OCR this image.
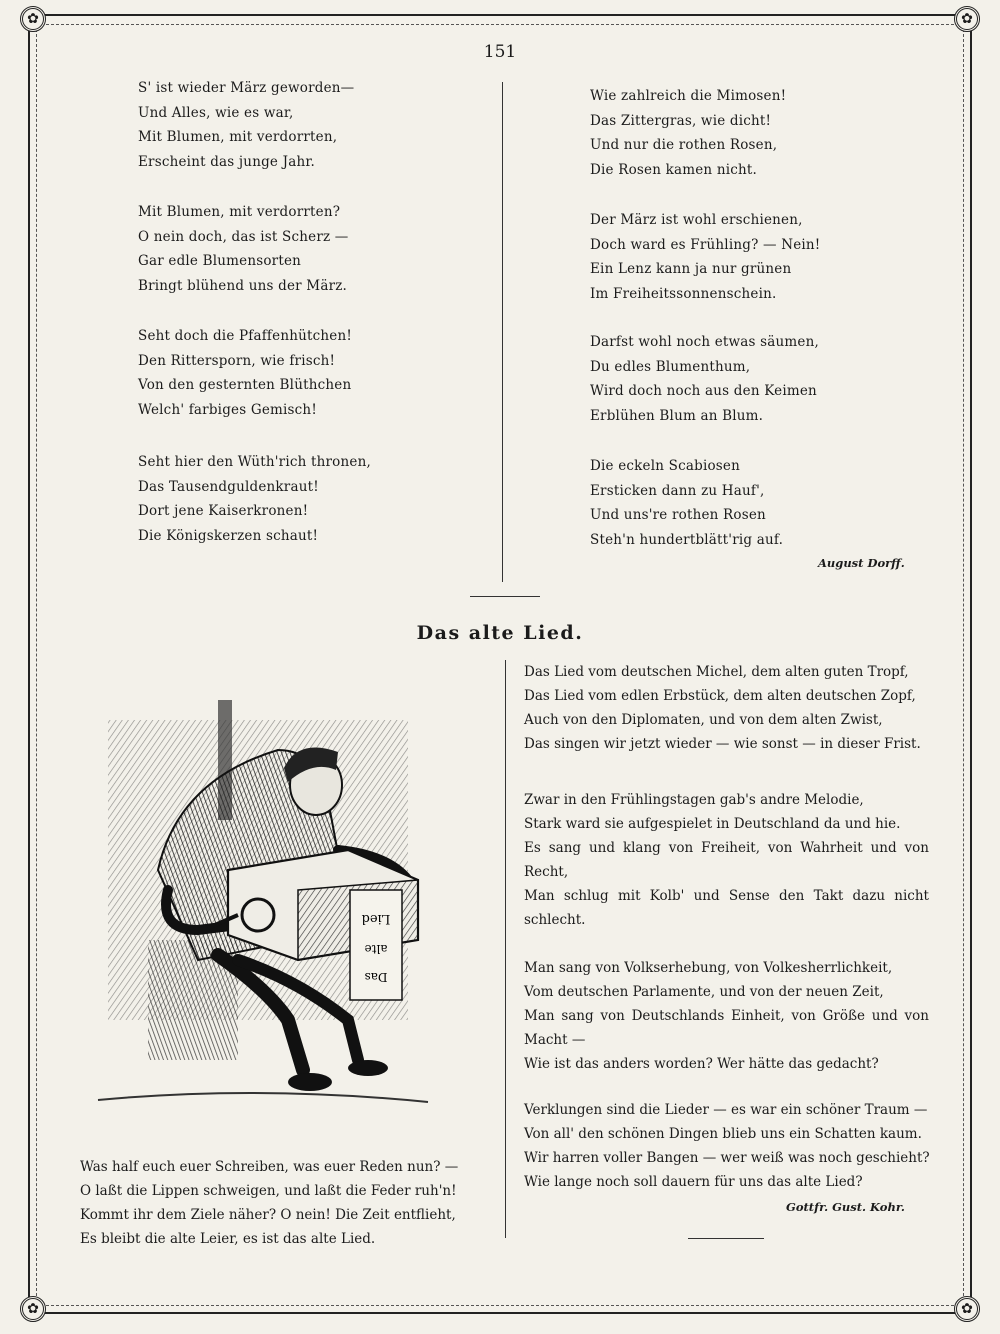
✿	✿
✿	✿
151
S' ist wieder März geworden—
Und Alles, wie es war,
Mit Blumen, mit verdorrten,
Erscheint das junge Jahr.
Mit Blumen, mit verdorrten?
O nein doch, das ist Scherz —
Gar edle Blumensorten
Bringt blühend uns der März.
Seht doch die Pfaffenhütchen!
Den Rittersporn, wie frisch!
Von den gesternten Blüthchen
Welch' farbiges Gemisch!
Seht hier den Wüth'rich thronen,
Das Tausendguldenkraut!
Dort jene Kaiserkronen!
Die Königskerzen schaut!
Wie zahlreich die Mimosen!
Das Zittergras, wie dicht!
Und nur die rothen Rosen,
Die Rosen kamen nicht.
Der März ist wohl erschienen,
Doch ward es Frühling? — Nein!
Ein Lenz kann ja nur grünen
Im Freiheitssonnenschein.
Darfst wohl noch etwas säumen,
Du edles Blumenthum,
Wird doch noch aus den Keimen
Erblühen Blum an Blum.
Die eckeln Scabiosen
Ersticken dann zu Hauf',
Und uns're rothen Rosen
Steh'n hundertblätt'rig auf.
August Dorff.
Das alte Lied.
Das Lied vom deutschen Michel, dem alten guten Tropf,
Das Lied vom edlen Erbstück, dem alten deutschen Zopf,
Auch von den Diplomaten, und von dem alten Zwist,
Das singen wir jetzt wieder — wie sonst — in dieser Frist.
Zwar in den Frühlingstagen gab's andre Melodie,
Stark ward sie aufgespielet in Deutschland da und hie.
Es sang und klang von Freiheit, von Wahrheit und von Recht,
Man schlug mit Kolb' und Sense den Takt dazu nicht schlecht.
Man sang von Volkserhebung, von Volkesherrlichkeit,
Vom deutschen Parlamente, und von der neuen Zeit,
Man sang von Deutschlands Einheit, von Größe und von Macht —
Wie ist das anders worden? Wer hätte das gedacht?
Verklungen sind die Lieder — es war ein schöner Traum —
Von all' den schönen Dingen blieb uns ein Schatten kaum.
Wir harren voller Bangen — wer weiß was noch geschieht?
Wie lange noch soll dauern für uns das alte Lied?
Gottfr. Gust. Kohr.
Lied
alte
Das
Was half euch euer Schreiben, was euer Reden nun? —
O laßt die Lippen schweigen, und laßt die Feder ruh'n!
Kommt ihr dem Ziele näher? O nein! Die Zeit entflieht,
Es bleibt die alte Leier, es ist das alte Lied.
